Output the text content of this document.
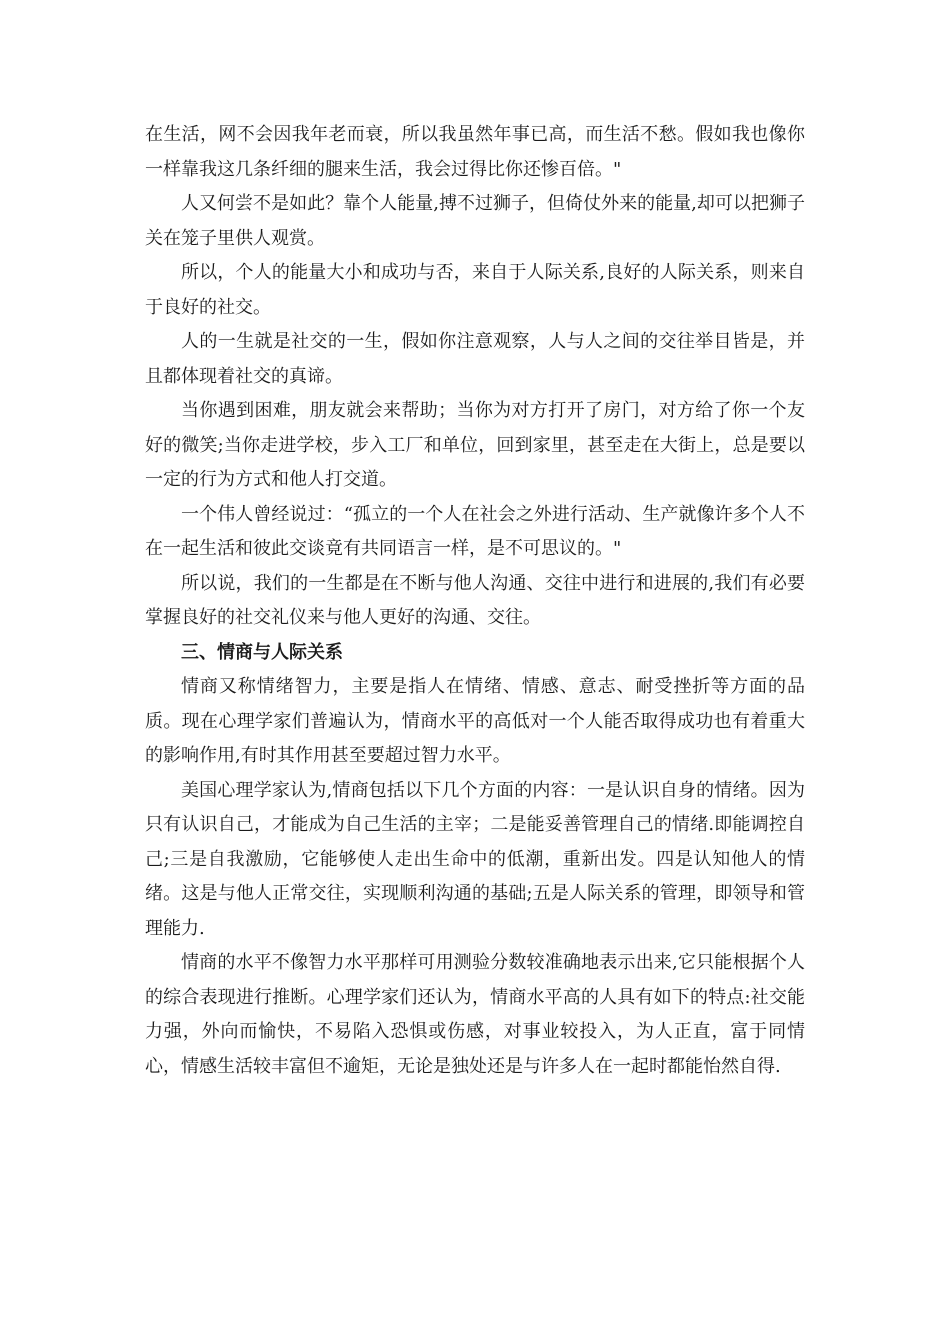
在生活，网不会因我年老而衰，所以我虽然年事已高，而生活不愁。假如我也像你一样靠我这几条纤细的腿来生活，我会过得比你还惨百倍。"

人又何尝不是如此？靠个人能量,搏不过狮子，但倚仗外来的能量,却可以把狮子关在笼子里供人观赏。

所以，个人的能量大小和成功与否，来自于人际关系,良好的人际关系，则来自于良好的社交。

人的一生就是社交的一生，假如你注意观察，人与人之间的交往举目皆是，并且都体现着社交的真谛。

当你遇到困难，朋友就会来帮助；当你为对方打开了房门，对方给了你一个友好的微笑;当你走进学校，步入工厂和单位，回到家里，甚至走在大街上，总是要以一定的行为方式和他人打交道。

一个伟人曾经说过：“孤立的一个人在社会之外进行活动、生产就像许多个人不在一起生活和彼此交谈竟有共同语言一样，是不可思议的。"

所以说，我们的一生都是在不断与他人沟通、交往中进行和进展的,我们有必要掌握良好的社交礼仪来与他人更好的沟通、交往。

三、情商与人际关系

情商又称情绪智力，主要是指人在情绪、情感、意志、耐受挫折等方面的品质。现在心理学家们普遍认为，情商水平的高低对一个人能否取得成功也有着重大的影响作用,有时其作用甚至要超过智力水平。

美国心理学家认为,情商包括以下几个方面的内容：一是认识自身的情绪。因为只有认识自己，才能成为自己生活的主宰；二是能妥善管理自己的情绪.即能调控自己;三是自我激励，它能够使人走出生命中的低潮，重新出发。四是认知他人的情绪。这是与他人正常交往，实现顺利沟通的基础;五是人际关系的管理，即领导和管理能力.

情商的水平不像智力水平那样可用测验分数较准确地表示出来,它只能根据个人的综合表现进行推断。心理学家们还认为，情商水平高的人具有如下的特点:社交能力强，外向而愉快，不易陷入恐惧或伤感，对事业较投入，为人正直，富于同情心，情感生活较丰富但不逾矩，无论是独处还是与许多人在一起时都能怡然自得.
